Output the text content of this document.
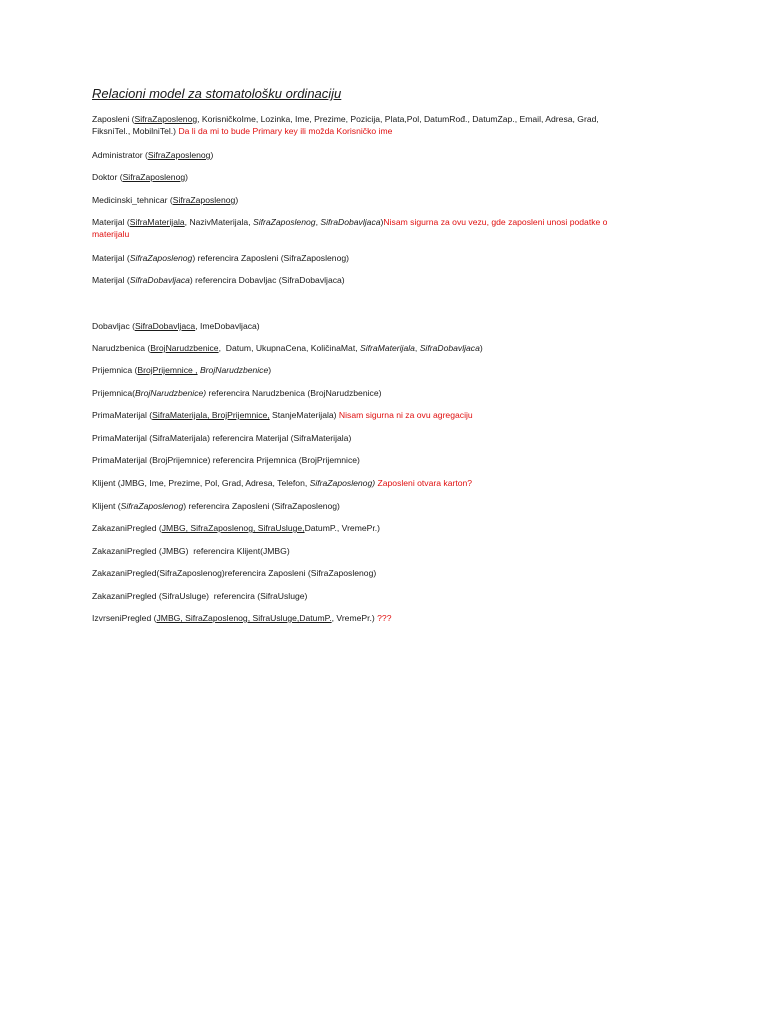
Relacioni model za stomatološku ordinaciju
Zaposleni (SifraZaposlenog, KorisničkoIme, Lozinka, Ime, Prezime, Pozicija, Plata,Pol, DatumRođ., DatumZap., Email, Adresa, Grad,
FiksniTel., MobilniTel.) Da li da mi to bude Primary key ili možda Korisničko ime
Administrator (SifraZaposlenog)
Doktor (SifraZaposlenog)
Medicinski_tehnicar (SifraZaposlenog)
Materijal (SifraMaterijala, NazivMaterijala, SifraZaposlenog, SifraDobavljaca)Nisam sigurna za ovu vezu, gde zaposleni unosi podatke o
materijalu
Materijal (SifraZaposlenog) referencira Zaposleni (SifraZaposlenog)
Materijal (SifraDobavljaca) referencira Dobavljac (SifraDobavljaca)
Dobavljac (SifraDobavljaca, ImeDobavljaca)
Narudzbenica (BrojNarudzbenice,  Datum, UkupnaCena, KoličinaMat, SifraMaterijala, SifraDobavljaca)
Prijemnica (BrojPrijemnice , BrojNarudzbenice)
Prijemnica(BrojNarudzbenice) referencira Narudzbenica (BrojNarudzbenice)
PrimaMaterijal (SifraMaterijala, BrojPrijemnice, StanjeMaterijala) Nisam sigurna ni za ovu agregaciju
PrimaMaterijal (SifraMaterijala) referencira Materijal (SifraMaterijala)
PrimaMaterijal (BrojPrijemnice) referencira Prijemnica (BrojPrijemnice)
Klijent (JMBG, Ime, Prezime, Pol, Grad, Adresa, Telefon, SifraZaposlenog) Zaposleni otvara karton?
Klijent (SifraZaposlenog) referencira Zaposleni (SifraZaposlenog)
ZakazaniPregled (JMBG, SifraZaposlenog, SifraUsluge,DatumP., VremePr.)
ZakazaniPregled (JMBG)  referencira Klijent(JMBG)
ZakazaniPregled(SifraZaposlenog)referencira Zaposleni (SifraZaposlenog)
ZakazaniPregled (SifraUsluge)  referencira (SifraUsluge)
IzvrseniPregled (JMBG, SifraZaposlenog, SifraUsluge,DatumP., VremePr.) ???
